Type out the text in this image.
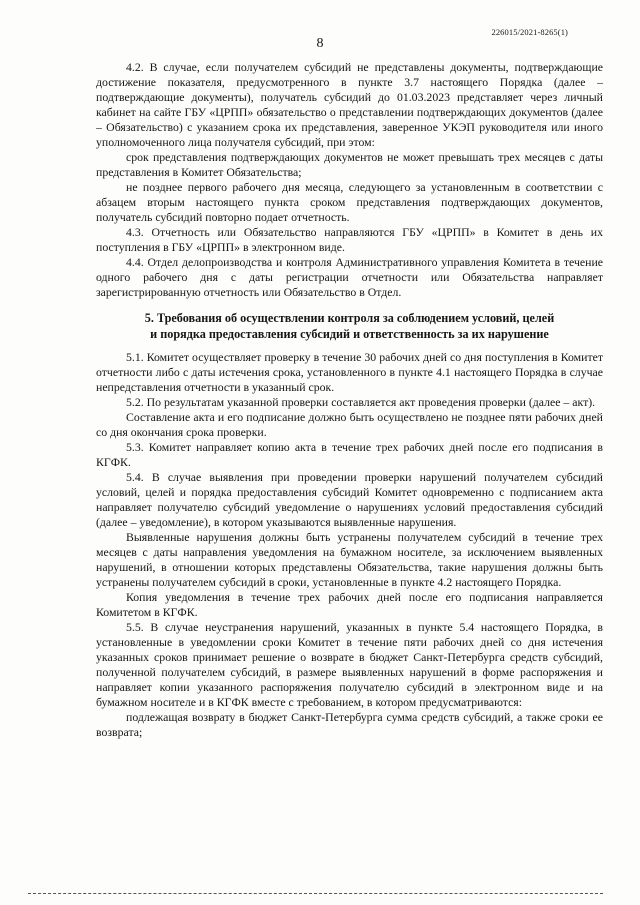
226015/2021-8265(1)
8

4.2. В случае, если получателем субсидий не представлены документы, подтверждающие достижение показателя, предусмотренного в пункте 3.7 настоящего Порядка (далее – подтверждающие документы), получатель субсидий до 01.03.2023 представляет через личный кабинет на сайте ГБУ «ЦРПП» обязательство о представлении подтверждающих документов (далее – Обязательство) с указанием срока их представления, заверенное УКЭП руководителя или иного уполномоченного лица получателя субсидий, при этом:

срок представления подтверждающих документов не может превышать трех месяцев с даты представления в Комитет Обязательства;

не позднее первого рабочего дня месяца, следующего за установленным в соответствии с абзацем вторым настоящего пункта сроком представления подтверждающих документов, получатель субсидий повторно подает отчетность.

4.3. Отчетность или Обязательство направляются ГБУ «ЦРПП» в Комитет в день их поступления в ГБУ «ЦРПП» в электронном виде.

4.4. Отдел делопроизводства и контроля Административного управления Комитета в течение одного рабочего дня с даты регистрации отчетности или Обязательства направляет зарегистрированную отчетность или Обязательство в Отдел.

5. Требования об осуществлении контроля за соблюдением условий, целей
и порядка предоставления субсидий и ответственность за их нарушение

5.1. Комитет осуществляет проверку в течение 30 рабочих дней со дня поступления в Комитет отчетности либо с даты истечения срока, установленного в пункте 4.1 настоящего Порядка в случае непредставления отчетности в указанный срок.

5.2. По результатам указанной проверки составляется акт проведения проверки (далее – акт).

Составление акта и его подписание должно быть осуществлено не позднее пяти рабочих дней со дня окончания срока проверки.

5.3. Комитет направляет копию акта в течение трех рабочих дней после его подписания в КГФК.

5.4. В случае выявления при проведении проверки нарушений получателем субсидий условий, целей и порядка предоставления субсидий Комитет одновременно с подписанием акта направляет получателю субсидий уведомление о нарушениях условий предоставления субсидий (далее – уведомление), в котором указываются выявленные нарушения.

Выявленные нарушения должны быть устранены получателем субсидий в течение трех месяцев с даты направления уведомления на бумажном носителе, за исключением выявленных нарушений, в отношении которых представлены Обязательства, такие нарушения должны быть устранены получателем субсидий в сроки, установленные в пункте 4.2 настоящего Порядка.

Копия уведомления в течение трех рабочих дней после его подписания направляется Комитетом в КГФК.

5.5. В случае неустранения нарушений, указанных в пункте 5.4 настоящего Порядка, в установленные в уведомлении сроки Комитет в течение пяти рабочих дней со дня истечения указанных сроков принимает решение о возврате в бюджет Санкт-Петербурга средств субсидий, полученной получателем субсидий, в размере выявленных нарушений в форме распоряжения и направляет копии указанного распоряжения получателю субсидий в электронном виде и на бумажном носителе и в КГФК вместе с требованием, в котором предусматриваются:

подлежащая возврату в бюджет Санкт-Петербурга сумма средств субсидий, а также сроки ее возврата;
